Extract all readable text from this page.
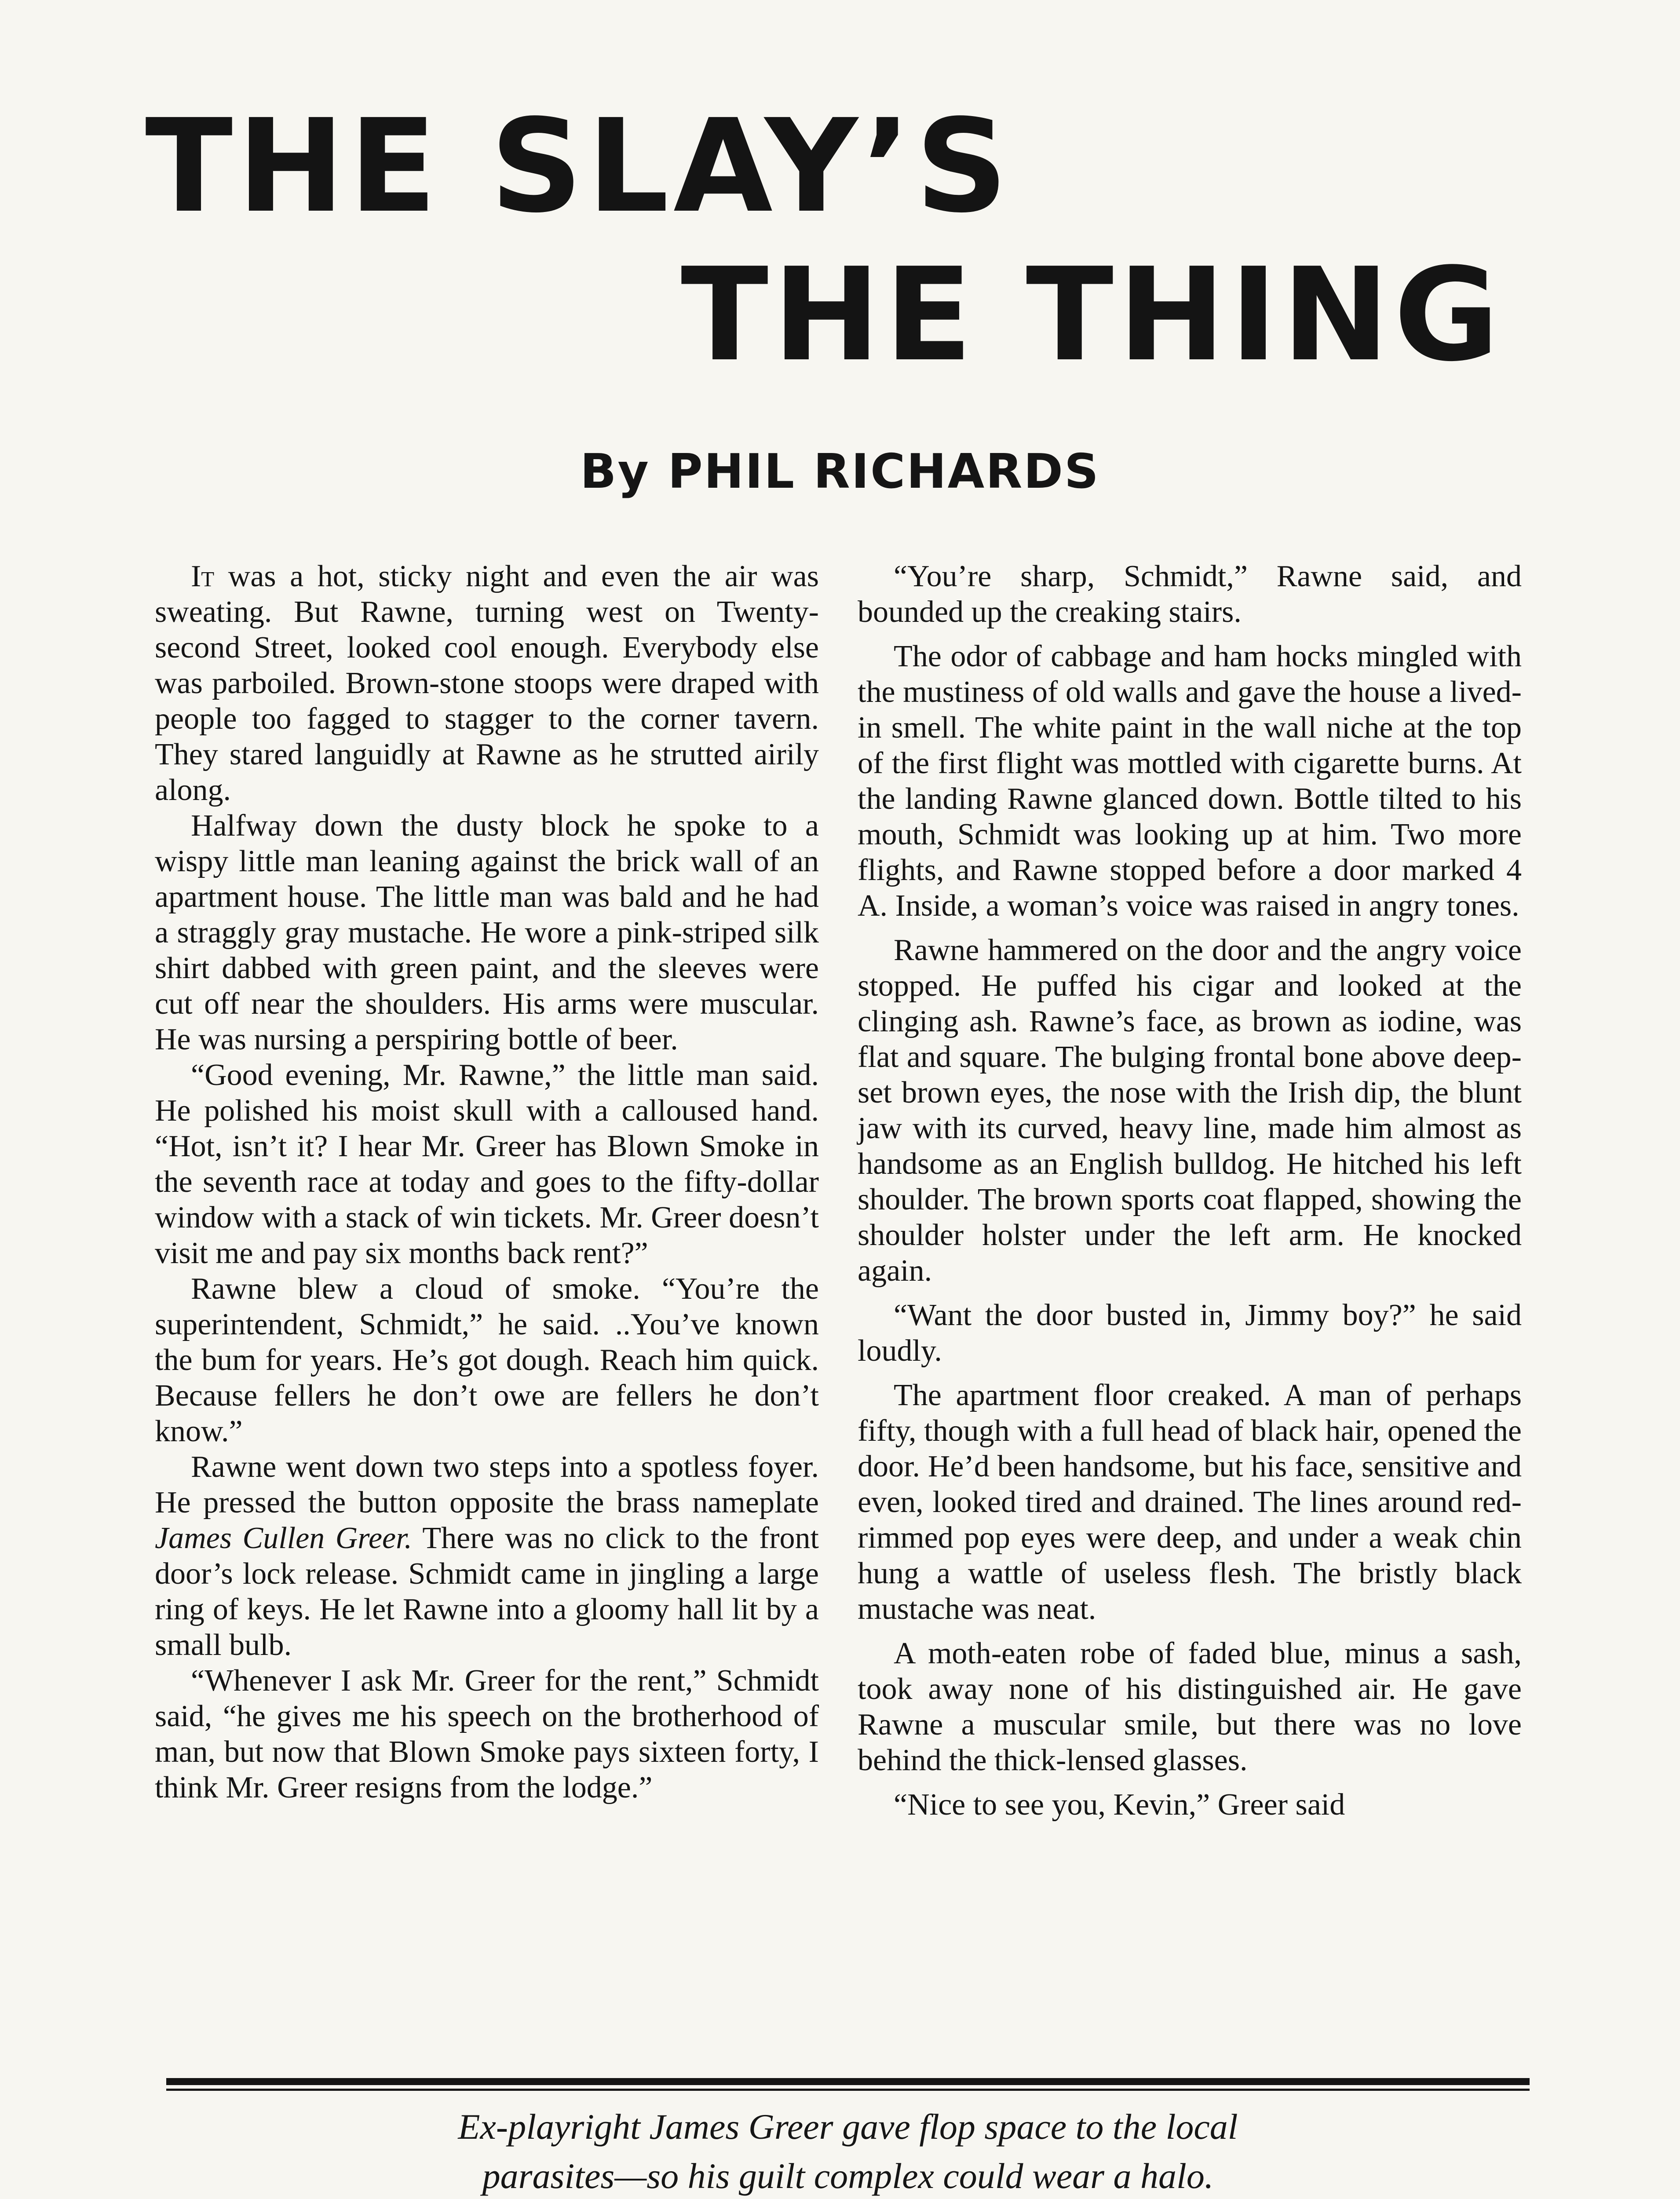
THE SLAY’S
THE THING
By PHIL RICHARDS

It was a hot, sticky night and even the air was sweating. But Rawne, turning west on Twenty-second Street, looked cool enough. Everybody else was parboiled. Brown-stone stoops were draped with people too fagged to stagger to the corner tavern. They stared languidly at Rawne as he strutted airily along.

Halfway down the dusty block he spoke to a wispy little man leaning against the brick wall of an apartment house. The little man was bald and he had a straggly gray mustache. He wore a pink-striped silk shirt dabbed with green paint, and the sleeves were cut off near the shoulders. His arms were muscular. He was nursing a perspiring bottle of beer.

“Good evening, Mr. Rawne,” the little man said. He polished his moist skull with a calloused hand. “Hot, isn’t it? I hear Mr. Greer has Blown Smoke in the seventh race at today and goes to the fifty-dollar window with a stack of win tickets. Mr. Greer doesn’t visit me and pay six months back rent?”

Rawne blew a cloud of smoke. “You’re the superintendent, Schmidt,” he said. ..You’ve known the bum for years. He’s got dough. Reach him quick. Because fellers he don’t owe are fellers he don’t know.”

Rawne went down two steps into a spotless foyer. He pressed the button opposite the brass nameplate James Cullen Greer. There was no click to the front door’s lock release. Schmidt came in jingling a large ring of keys. He let Rawne into a gloomy hall lit by a small bulb.

“Whenever I ask Mr. Greer for the rent,” Schmidt said, “he gives me his speech on the brotherhood of man, but now that Blown Smoke pays sixteen forty, I think Mr. Greer resigns from the lodge.”

“You’re sharp, Schmidt,” Rawne said, and bounded up the creaking stairs.

The odor of cabbage and ham hocks mingled with the mustiness of old walls and gave the house a lived-in smell. The white paint in the wall niche at the top of the first flight was mottled with cigarette burns. At the landing Rawne glanced down. Bottle tilted to his mouth, Schmidt was looking up at him. Two more flights, and Rawne stopped before a door marked 4 A. Inside, a woman’s voice was raised in angry tones.

Rawne hammered on the door and the angry voice stopped. He puffed his cigar and looked at the clinging ash. Rawne’s face, as brown as iodine, was flat and square. The bulging frontal bone above deep-set brown eyes, the nose with the Irish dip, the blunt jaw with its curved, heavy line, made him almost as handsome as an English bulldog. He hitched his left shoulder. The brown sports coat flapped, showing the shoulder holster under the left arm. He knocked again.

“Want the door busted in, Jimmy boy?” he said loudly.

The apartment floor creaked. A man of perhaps fifty, though with a full head of black hair, opened the door. He’d been handsome, but his face, sensitive and even, looked tired and drained. The lines around red-rimmed pop eyes were deep, and under a weak chin hung a wattle of useless flesh. The bristly black mustache was neat.

A moth-eaten robe of faded blue, minus a sash, took away none of his distinguished air. He gave Rawne a muscular smile, but there was no love behind the thick-lensed glasses.

“Nice to see you, Kevin,” Greer said

Ex-playright James Greer gave flop space to the local
parasites—so his guilt complex could wear a halo.
